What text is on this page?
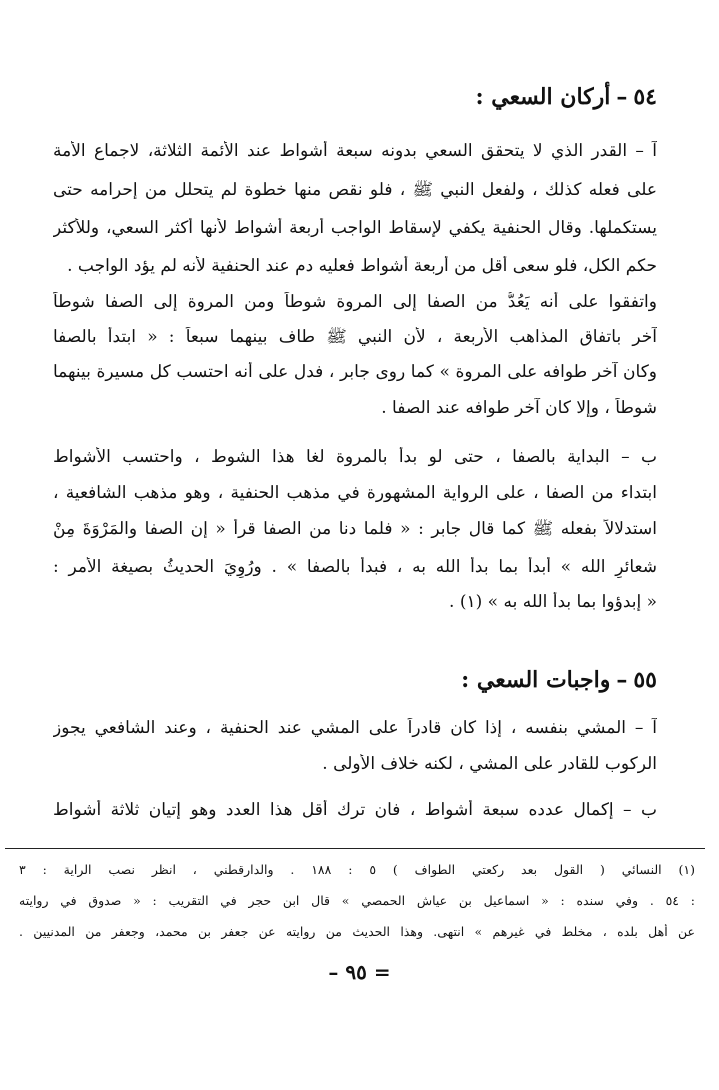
٥٤–أركان السعي :
آ – القدر الذي لا يتحقق السعي بدونه سبعة أشواط عند الأئمة الثلاثة، لاجماع الأمة
على فعله كذلك ، ولفعل النبي ﷺ ، فلو نقص منها خطوة لم يتحلل من إحرامه حتى
يستكملها. وقال الحنفية يكفي لإسقاط الواجب أربعة أشواط لأنها أكثر السعي، وللأكثر
حكم الكل، فلو سعى أقل من أربعة أشواط فعليه دم عند الحنفية لأنه لم يؤد الواجب .
واتفقوا على أنه يَعُدُّ من الصفا إلى المروة شوطاً ومن المروة إلى الصفا شوطاً
آخر باتفاق المذاهب الأربعة ، لأن النبي ﷺ طاف بينهما سبعاً : « ابتدأ بالصفا
وكان آخر طوافه على المروة » كما روى جابر ، فدل على أنه احتسب كل مسيرة بينهما
شوطاً ، وإلا كان آخر طوافه عند الصفا .
ب – البداية بالصفا ، حتى لو بدأ بالمروة لغا هذا الشوط ، واحتسب الأشواط
ابتداء من الصفا ، على الرواية المشهورة في مذهب الحنفية ، وهو مذهب الشافعية ،
استدلالاً بفعله ﷺ كما قال جابر : « فلما دنا من الصفا قرأ « إن الصفا والمَرْوَةَ مِنْ
شعائرِ الله » أبدأُ بما بدأ الله به ، فبدأ بالصفا » . ورُوِيَ الحديثُ بصيغة الأمر :
« إبدؤوا بما بدأ الله به » (١) .
٥٥–واجبات السعي :
آ – المشي بنفسه ، إذا كان قادراً على المشي عند الحنفية ، وعند الشافعي يجوز
الركوب للقادر على المشي ، لكنه خلاف الأولى .
ب – إكمال عدده سبعة أشواط ، فان ترك أقل هذا العدد وهو إتيان ثلاثة أشواط
(١) النسائي ( القول بعد ركعتي الطواف ) ٥ : ١٨٨ . والدارقطني ، انظر نصب الراية : ٣
: ٥٤ . وفي سنده : « اسماعيل بن عياش الحمصي » قال ابن حجر في التقريب : « صدوق في روايته
عن أهل بلده ، مخلط في غيرهم » انتهى. وهذا الحديث من روايته عن جعفر بن محمد، وجعفر من المدنيين .
= ٩٥ –
